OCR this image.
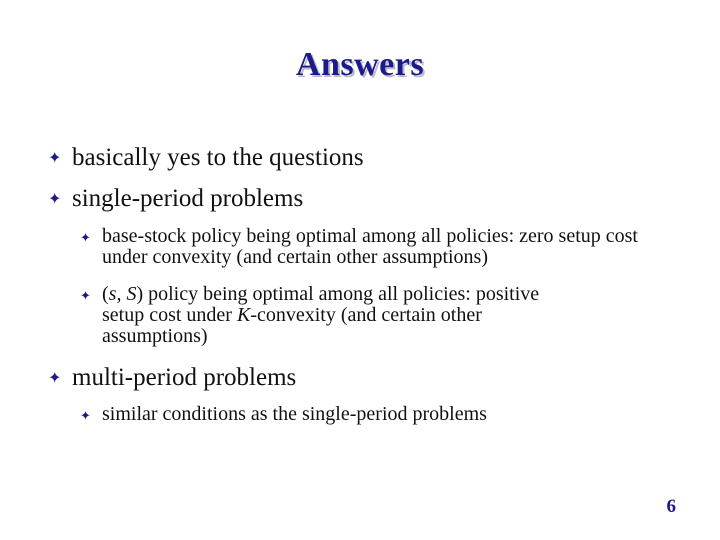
Answers
✦ basically yes to the questions
✦ single-period problems
✦ base-stock policy being optimal among all policies: zero setup cost under convexity (and certain other assumptions)
✦ (s, S) policy being optimal among all policies: positive setup cost under K-convexity (and certain other assumptions)
✦ multi-period problems
✦ similar conditions as the single-period problems
6
